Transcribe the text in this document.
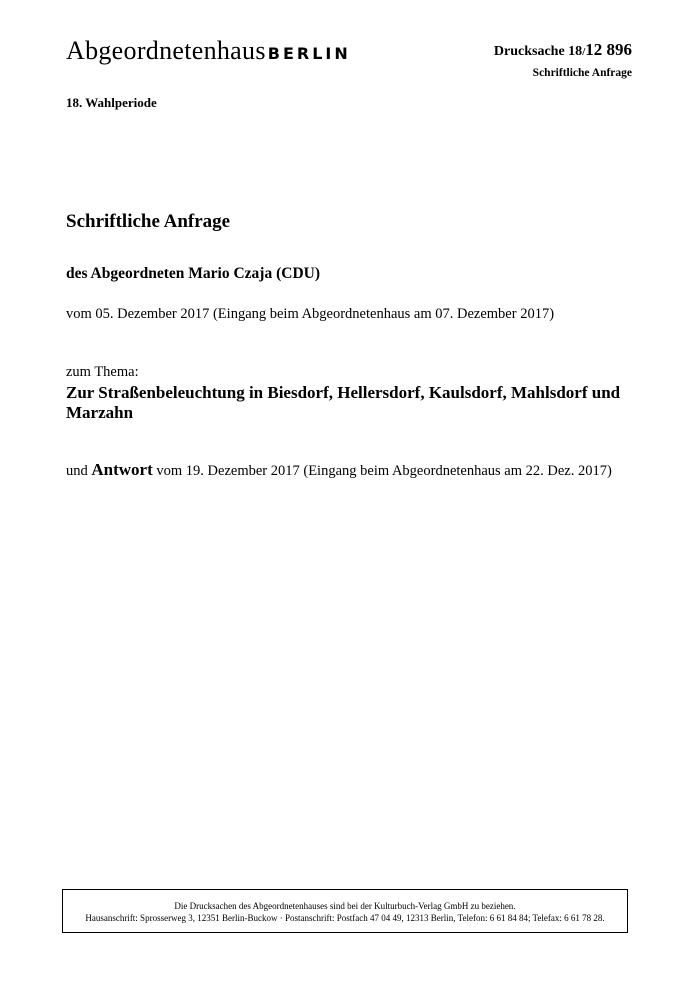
Abgeordnetenhaus BERLIN	Drucksache 18/12 896
Schriftliche Anfrage
18. Wahlperiode
Schriftliche Anfrage
des Abgeordneten Mario Czaja (CDU)
vom 05. Dezember 2017 (Eingang beim Abgeordnetenhaus am 07. Dezember 2017)
zum Thema:
Zur Straßenbeleuchtung in Biesdorf, Hellersdorf, Kaulsdorf, Mahlsdorf und Marzahn
und Antwort vom 19. Dezember 2017 (Eingang beim Abgeordnetenhaus am 22. Dez. 2017)
Die Drucksachen des Abgeordnetenhauses sind bei der Kulturbuch-Verlag GmbH zu beziehen.
Hausanschrift: Sprosserweg 3, 12351 Berlin-Buckow · Postanschrift: Postfach 47 04 49, 12313 Berlin, Telefon: 6 61 84 84; Telefax: 6 61 78 28.
